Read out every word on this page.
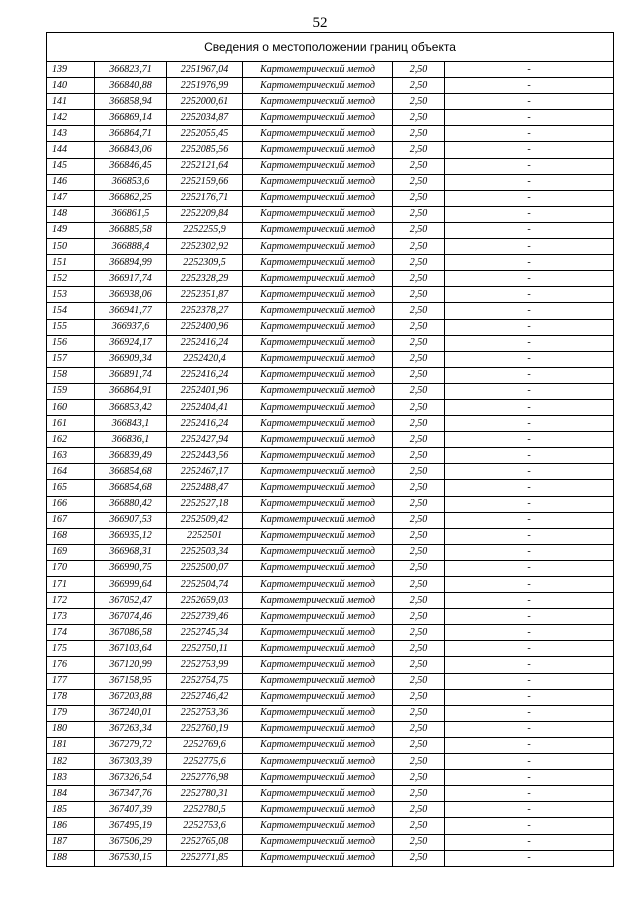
52
Сведения о местоположении границ объекта					
139	366823,71	2251967,04	Картометрический метод	2,50	-
140	366840,88	2251976,99	Картометрический метод	2,50	-
141	366858,94	2252000,61	Картометрический метод	2,50	-
142	366869,14	2252034,87	Картометрический метод	2,50	-
143	366864,71	2252055,45	Картометрический метод	2,50	-
144	366843,06	2252085,56	Картометрический метод	2,50	-
145	366846,45	2252121,64	Картометрический метод	2,50	-
146	366853,6	2252159,66	Картометрический метод	2,50	-
147	366862,25	2252176,71	Картометрический метод	2,50	-
148	366861,5	2252209,84	Картометрический метод	2,50	-
149	366885,58	2252255,9	Картометрический метод	2,50	-
150	366888,4	2252302,92	Картометрический метод	2,50	-
151	366894,99	2252309,5	Картометрический метод	2,50	-
152	366917,74	2252328,29	Картометрический метод	2,50	-
153	366938,06	2252351,87	Картометрический метод	2,50	-
154	366941,77	2252378,27	Картометрический метод	2,50	-
155	366937,6	2252400,96	Картометрический метод	2,50	-
156	366924,17	2252416,24	Картометрический метод	2,50	-
157	366909,34	2252420,4	Картометрический метод	2,50	-
158	366891,74	2252416,24	Картометрический метод	2,50	-
159	366864,91	2252401,96	Картометрический метод	2,50	-
160	366853,42	2252404,41	Картометрический метод	2,50	-
161	366843,1	2252416,24	Картометрический метод	2,50	-
162	366836,1	2252427,94	Картометрический метод	2,50	-
163	366839,49	2252443,56	Картометрический метод	2,50	-
164	366854,68	2252467,17	Картометрический метод	2,50	-
165	366854,68	2252488,47	Картометрический метод	2,50	-
166	366880,42	2252527,18	Картометрический метод	2,50	-
167	366907,53	2252509,42	Картометрический метод	2,50	-
168	366935,12	2252501	Картометрический метод	2,50	-
169	366968,31	2252503,34	Картометрический метод	2,50	-
170	366990,75	2252500,07	Картометрический метод	2,50	-
171	366999,64	2252504,74	Картометрический метод	2,50	-
172	367052,47	2252659,03	Картометрический метод	2,50	-
173	367074,46	2252739,46	Картометрический метод	2,50	-
174	367086,58	2252745,34	Картометрический метод	2,50	-
175	367103,64	2252750,11	Картометрический метод	2,50	-
176	367120,99	2252753,99	Картометрический метод	2,50	-
177	367158,95	2252754,75	Картометрический метод	2,50	-
178	367203,88	2252746,42	Картометрический метод	2,50	-
179	367240,01	2252753,36	Картометрический метод	2,50	-
180	367263,34	2252760,19	Картометрический метод	2,50	-
181	367279,72	2252769,6	Картометрический метод	2,50	-
182	367303,39	2252775,6	Картометрический метод	2,50	-
183	367326,54	2252776,98	Картометрический метод	2,50	-
184	367347,76	2252780,31	Картометрический метод	2,50	-
185	367407,39	2252780,5	Картометрический метод	2,50	-
186	367495,19	2252753,6	Картометрический метод	2,50	-
187	367506,29	2252765,08	Картометрический метод	2,50	-
188	367530,15	2252771,85	Картометрический метод	2,50	-
